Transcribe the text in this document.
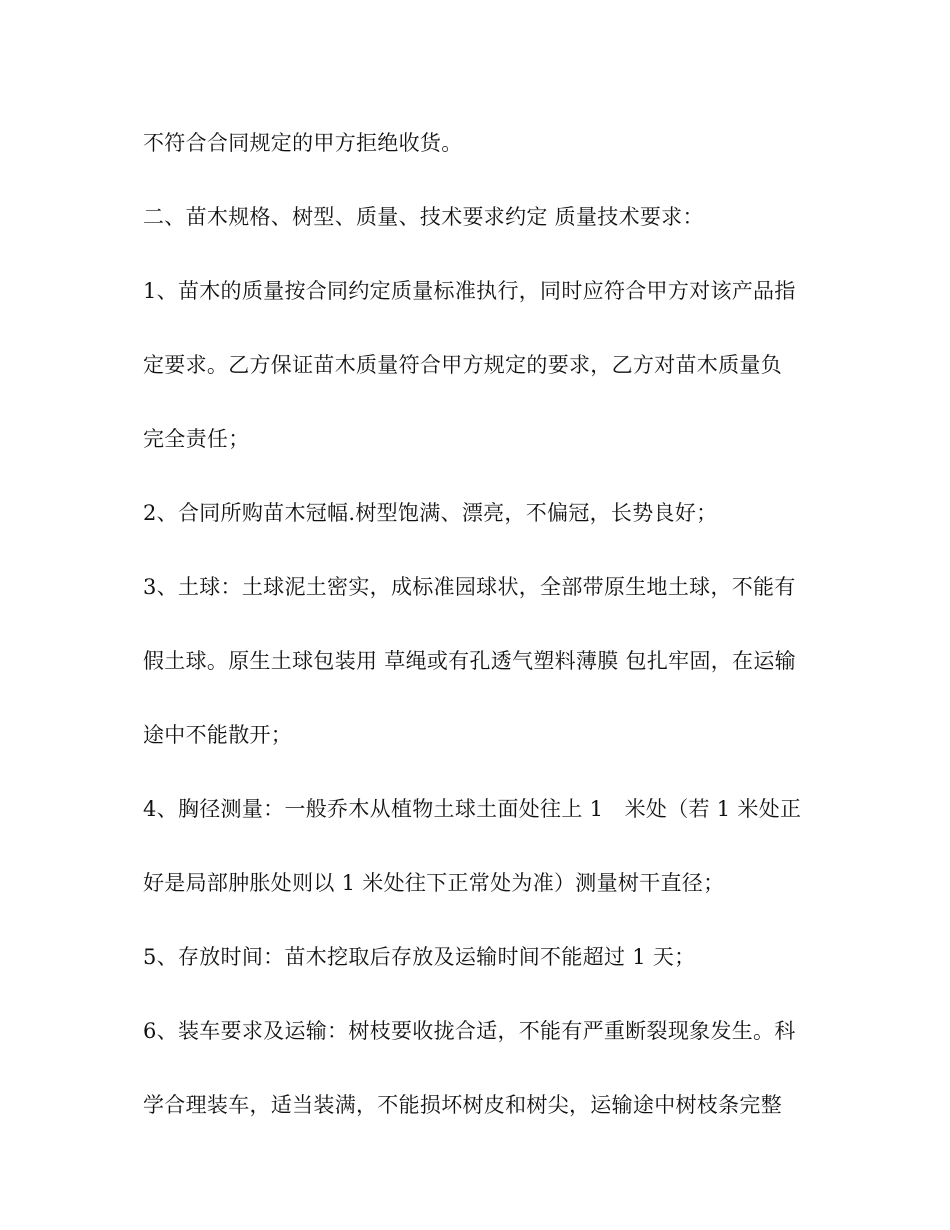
不符合合同规定的甲方拒绝收货。
二、苗木规格、树型、质量、技术要求约定 质量技术要求：
1、苗木的质量按合同约定质量标准执行，同时应符合甲方对该产品指
定要求。乙方保证苗木质量符合甲方规定的要求，乙方对苗木质量负
完全责任；
2、合同所购苗木冠幅.树型饱满、漂亮，不偏冠，长势良好；
3、土球：土球泥土密实，成标准园球状，全部带原生地土球，不能有
假土球。原生土球包装用 草绳或有孔透气塑料薄膜 包扎牢固，在运输
途中不能散开；
4、胸径测量：一般乔木从植物土球土面处往上 1　米处（若 1 米处正
好是局部肿胀处则以 1 米处往下正常处为准）测量树干直径；
5、存放时间：苗木挖取后存放及运输时间不能超过 1 天；
6、装车要求及运输：树枝要收拢合适，不能有严重断裂现象发生。科
学合理装车，适当装满，不能损坏树皮和树尖，运输途中树枝条完整
